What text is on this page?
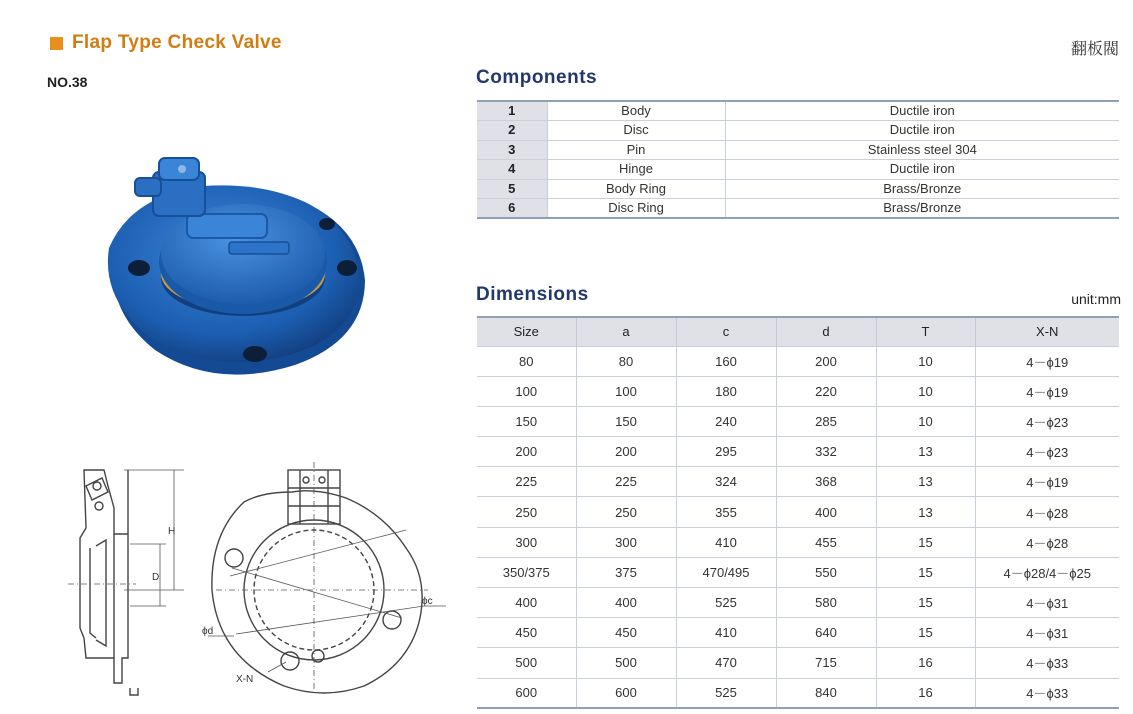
Flap Type Check Valve	翻板閥
NO.38
H
D
ϕc
ϕd
X-N
Components
1	Body	Ductile iron
2	Disc	Ductile iron
3	Pin	Stainless steel 304
4	Hinge	Ductile iron
5	Body Ring	Brass/Bronze
6	Disc Ring	Brass/Bronze
Dimensions	unit:mm
Size	a	c	d	T	X-N
80	80	160	200	10	4－ϕ19
100	100	180	220	10	4－ϕ19
150	150	240	285	10	4－ϕ23
200	200	295	332	13	4－ϕ23
225	225	324	368	13	4－ϕ19
250	250	355	400	13	4－ϕ28
300	300	410	455	15	4－ϕ28
350/375	375	470/495	550	15	4－ϕ28/4－ϕ25
400	400	525	580	15	4－ϕ31
450	450	410	640	15	4－ϕ31
500	500	470	715	16	4－ϕ33
600	600	525	840	16	4－ϕ33
